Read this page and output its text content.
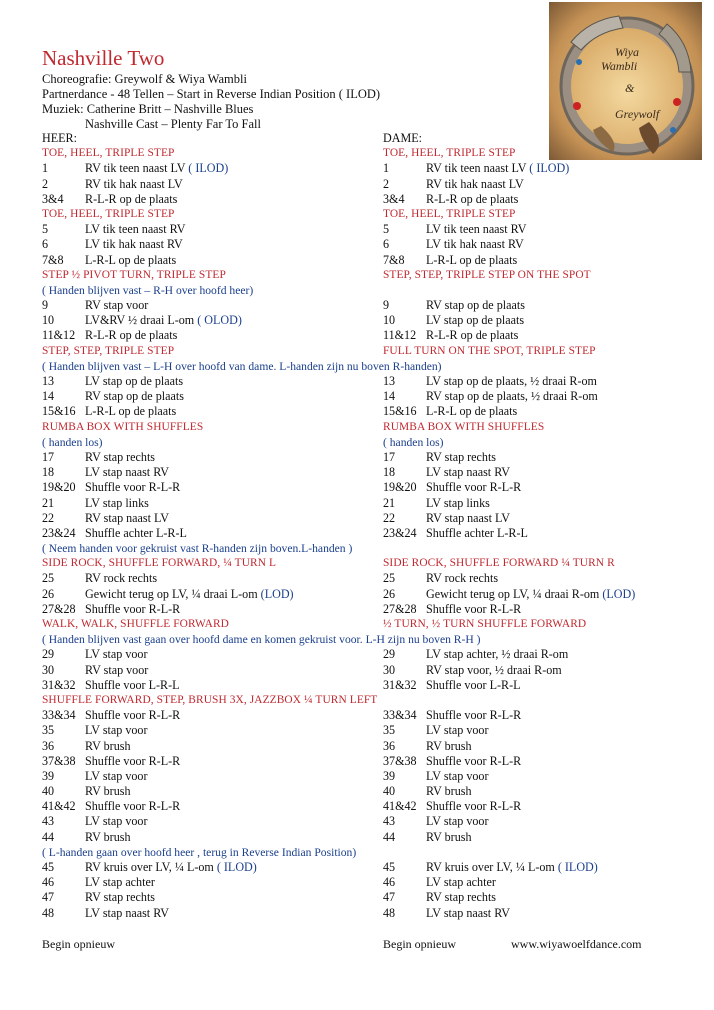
Nashville Two
Choreografie: Greywolf & Wiya Wambli
Partnerdance - 48 Tellen – Start in Reverse Indian Position ( ILOD)
Muziek: Catherine Britt – Nashville Blues
Nashville Cast – Plenty Far To Fall
Wiya
Wambli
&
Greywolf
HEER:
TOE, HEEL, TRIPLE STEP
1	RV tik teen naast LV ( ILOD)
2	RV tik hak naast LV
3&4 R-L-R op de plaats
TOE, HEEL, TRIPLE STEP
5	LV tik teen naast RV
6	LV tik hak naast RV
7&8 L-R-L op de plaats
STEP ½ PIVOT TURN, TRIPLE STEP
( Handen blijven vast – R-H over hoofd heer)
9	RV stap voor
10	LV&RV ½ draai L-om ( OLOD)
11&12 R-L-R op de plaats
STEP, STEP, TRIPLE STEP
( Handen blijven vast – L-H over hoofd van dame. L-handen zijn nu boven R-handen)
13	LV stap op de plaats
14	RV stap op de plaats
15&16 L-R-L op de plaats
RUMBA BOX WITH SHUFFLES
( handen los)
17	RV stap rechts
18	LV stap naast RV
19&20 Shuffle voor R-L-R
21	LV stap links
22	RV stap naast LV
23&24 Shuffle achter L-R-L
( Neem handen voor gekruist vast R-handen zijn boven.L-handen )
SIDE ROCK, SHUFFLE FORWARD, ¼ TURN L
25	RV rock rechts
26	Gewicht terug op LV, ¼ draai L-om (LOD)
27&28 Shuffle voor R-L-R
WALK, WALK, SHUFFLE FORWARD
( Handen blijven vast gaan over hoofd dame en komen gekruist voor. L-H zijn nu boven R-H )
29	LV stap voor
30	RV stap voor
31&32 Shuffle voor L-R-L
SHUFFLE FORWARD, STEP, BRUSH 3X, JAZZBOX ¼ TURN LEFT
33&34 Shuffle voor R-L-R
35	LV stap voor
36	RV brush
37&38 Shuffle voor R-L-R
39	LV stap voor
40	RV brush
41&42 Shuffle voor R-L-R
43	LV stap voor
44	RV brush
( L-handen gaan over hoofd heer , terug in Reverse Indian Position)
45	RV kruis over LV, ¼ L-om ( ILOD)
46	LV stap achter
47	RV stap rechts
48	LV stap naast RV
DAME:
TOE, HEEL, TRIPLE STEP
1	RV tik teen naast LV ( ILOD)
2	RV tik hak naast LV
3&4 R-L-R op de plaats
TOE, HEEL, TRIPLE STEP
5	LV tik teen naast RV
6	LV tik hak naast RV
7&8 L-R-L op de plaats
STEP, STEP, TRIPLE STEP ON THE SPOT
9	RV stap op de plaats
10	LV stap op de plaats
11&12 R-L-R op de plaats
FULL TURN ON THE SPOT, TRIPLE STEP
13	LV stap op de plaats, ½ draai R-om
14	RV stap op de plaats, ½ draai R-om
15&16 L-R-L op de plaats
RUMBA BOX WITH SHUFFLES
( handen los)
17	RV stap rechts
18	LV stap naast RV
19&20 Shuffle voor R-L-R
21	LV stap links
22	RV stap naast LV
23&24 Shuffle achter L-R-L
SIDE ROCK, SHUFFLE FORWARD ¼ TURN R
25	RV rock rechts
26	Gewicht terug op LV, ¼ draai R-om (LOD)
27&28 Shuffle voor R-L-R
½ TURN, ½ TURN SHUFFLE FORWARD
29	LV stap achter, ½ draai R-om
30	RV stap voor, ½ draai R-om
31&32 Shuffle voor L-R-L
33&34 Shuffle voor R-L-R
35	LV stap voor
36	RV brush
37&38 Shuffle voor R-L-R
39	LV stap voor
40	RV brush
41&42 Shuffle voor R-L-R
43	LV stap voor
44	RV brush
45	RV kruis over LV, ¼ L-om ( ILOD)
46	LV stap achter
47	RV stap rechts
48	LV stap naast RV
Begin opnieuw	Begin opnieuw	www.wiyawoelfdance.com
